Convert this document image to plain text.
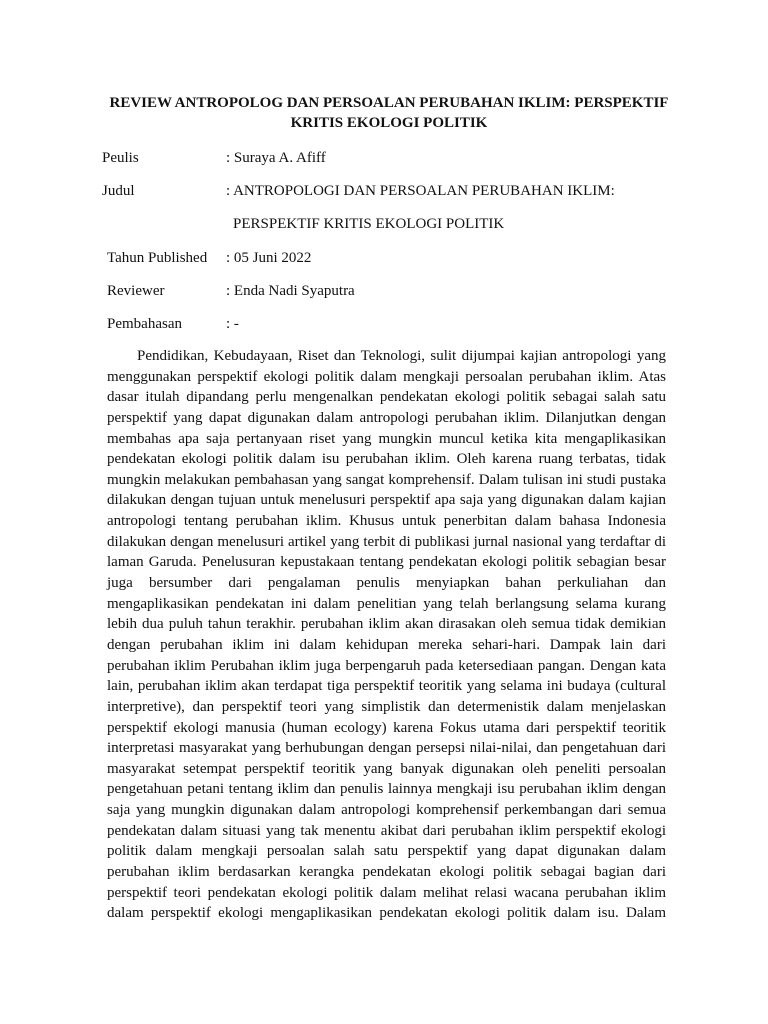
REVIEW ANTROPOLOG DAN PERSOALAN PERUBAHAN IKLIM: PERSPEKTIF
KRITIS EKOLOGI POLITIK
Peulis	: Suraya A. Afiff
Judul	: ANTROPOLOGI DAN PERSOALAN PERUBAHAN IKLIM:
PERSPEKTIF KRITIS EKOLOGI POLITIK
Tahun Published : 05 Juni 2022
Reviewer	: Enda Nadi Syaputra
Pembahasan	: -
Pendidikan, Kebudayaan, Riset dan Teknologi, sulit dijumpai kajian antropologi yang
menggunakan perspektif ekologi politik dalam mengkaji persoalan perubahan iklim. Atas
dasar itulah dipandang perlu mengenalkan pendekatan ekologi politik sebagai salah satu
perspektif yang dapat digunakan dalam antropologi perubahan iklim. Dilanjutkan dengan
membahas apa saja pertanyaan riset yang mungkin muncul ketika kita mengaplikasikan
pendekatan ekologi politik dalam isu perubahan iklim. Oleh karena ruang terbatas, tidak
mungkin melakukan pembahasan yang sangat komprehensif. Dalam tulisan ini studi pustaka
dilakukan dengan tujuan untuk menelusuri perspektif apa saja yang digunakan dalam kajian
antropologi tentang perubahan iklim. Khusus untuk penerbitan dalam bahasa Indonesia
dilakukan dengan menelusuri artikel yang terbit di publikasi jurnal nasional yang terdaftar di
laman Garuda. Penelusuran kepustakaan tentang pendekatan ekologi politik sebagian besar
juga bersumber dari pengalaman penulis menyiapkan bahan perkuliahan dan
mengaplikasikan pendekatan ini dalam penelitian yang telah berlangsung selama kurang
lebih dua puluh tahun terakhir. perubahan iklim akan dirasakan oleh semua tidak demikian
dengan perubahan iklim ini dalam kehidupan mereka sehari-hari. Dampak lain dari
perubahan iklim Perubahan iklim juga berpengaruh pada ketersediaan pangan. Dengan kata
lain, perubahan iklim akan terdapat tiga perspektif teoritik yang selama ini budaya (cultural
interpretive), dan perspektif teori yang simplistik dan determenistik dalam menjelaskan
perspektif ekologi manusia (human ecology) karena Fokus utama dari perspektif teoritik
interpretasi masyarakat yang berhubungan dengan persepsi nilai-nilai, dan pengetahuan dari
masyarakat setempat perspektif teoritik yang banyak digunakan oleh peneliti persoalan
pengetahuan petani tentang iklim dan penulis lainnya mengkaji isu perubahan iklim dengan
saja yang mungkin digunakan dalam antropologi komprehensif perkembangan dari semua
pendekatan dalam situasi yang tak menentu akibat dari perubahan iklim perspektif ekologi
politik dalam mengkaji persoalan salah satu perspektif yang dapat digunakan dalam
perubahan iklim berdasarkan kerangka pendekatan ekologi politik sebagai bagian dari
perspektif teori pendekatan ekologi politik dalam melihat relasi wacana perubahan iklim
dalam perspektif ekologi mengaplikasikan pendekatan ekologi politik dalam isu. Dalam
